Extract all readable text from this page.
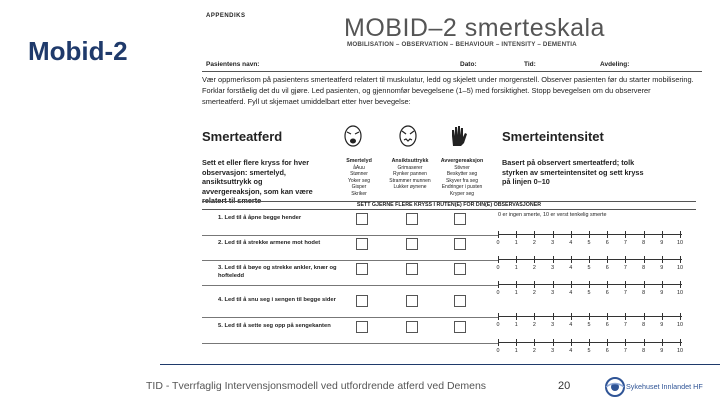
Mobid-2
APPENDIKS	MOBID–2 smerteskala
MOBILISATION – OBSERVATION – BEHAVIOUR – INTENSITY – DEMENTIA
Pasientens navn:	Dato:	Tid:	Avdeling:
Vær oppmerksom på pasientens smerteatferd relatert til muskulatur, ledd og skjelett under morgenstell. Observer pasienten før du starter mobilisering. Forklar forståelig det du vil gjøre. Led pasienten, og gjennomfør bevegelsene (1–5) med forsiktighet. Stopp bevegelsen om du observerer smerteatferd. Fyll ut skjemaet umiddelbart etter hver bevegelse:
Smerteatferd	Smerteintensitet
Sett et eller flere kryss for hver observasjon: smertelyd, ansiktsuttrykk og avvergereaksjon, som kan være relatert til smerte
Smertelyd
åAuu
Stønner
Yoker seg
Gisper
Skriker
Ansiktsuttrykk
Grimaserer
Rynker pannen
Strammer munnen
Lukker øynene
Avvergereaksjon
Stivner
Beskytter seg
Skyver fra seg
Endringer i pusten
Kryper seg
Basert på observert smerteatferd; tolk styrken av smerteintensitet og sett kryss på linjen 0–10
SETT GJERNE FLERE KRYSS I RUTEN(E) FOR DIN(E) OBSERVASJONER
0 er ingen smerte, 10 er verst tenkelig smerte
1. Led til å åpne begge hender
0	1	2	3	4	5	6	7	8	9	10
2. Led til å strekke armene mot hodet
0	1	2	3	4	5	6	7	8	9	10
3. Led til å bøye og strekke ankler, knær og hofteledd
0	1	2	3	4	5	6	7	8	9	10
4. Led til å snu seg i sengen til begge sider
0	1	2	3	4	5	6	7	8	9	10
5. Led til å sette seg opp på sengekanten
0	1	2	3	4	5	6	7	8	9	10
TID - Tverrfaglig Intervensjonsmodell ved utfordrende atferd ved Demens	20	Sykehuset Innlandet HF
